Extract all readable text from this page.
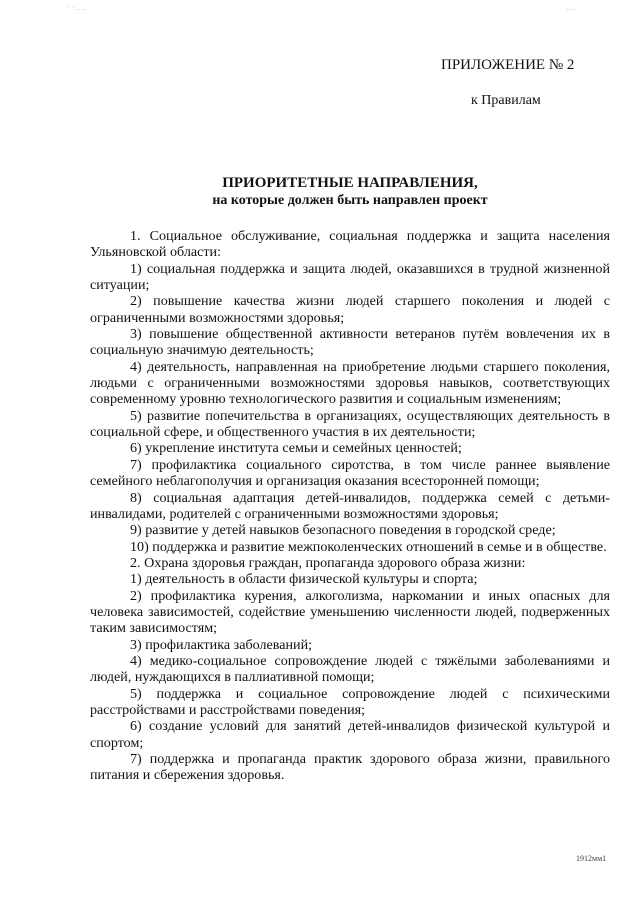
· ·‥‥	‥‥
ПРИЛОЖЕНИЕ № 2
к Правилам
ПРИОРИТЕТНЫЕ НАПРАВЛЕНИЯ,
на которые должен быть направлен проект

1. Социальное обслуживание, социальная поддержка и защита населения Ульяновской области:

1) социальная поддержка и защита людей, оказавшихся в трудной жизненной ситуации;

2) повышение качества жизни людей старшего поколения и людей с ограниченными возможностями здоровья;

3) повышение общественной активности ветеранов путём вовлечения их в социальную значимую деятельность;

4) деятельность, направленная на приобретение людьми старшего поколения, людьми с ограниченными возможностями здоровья навыков, соответствующих современному уровню технологического развития и социальным изменениям;

5) развитие попечительства в организациях, осуществляющих деятельность в социальной сфере, и общественного участия в их деятельности;

6) укрепление института семьи и семейных ценностей;

7) профилактика социального сиротства, в том числе раннее выявление семейного неблагополучия и организация оказания всесторонней помощи;

8) социальная адаптация детей-инвалидов, поддержка семей с детьми-инвалидами, родителей с ограниченными возможностями здоровья;

9) развитие у детей навыков безопасного поведения в городской среде;

10) поддержка и развитие межпоколенческих отношений в семье и в обществе.

2. Охрана здоровья граждан, пропаганда здорового образа жизни:

1) деятельность в области физической культуры и спорта;

2) профилактика курения, алкоголизма, наркомании и иных опасных для человека зависимостей, содействие уменьшению численности людей, подверженных таким зависимостям;

3) профилактика заболеваний;

4) медико-социальное сопровождение людей с тяжёлыми заболеваниями и людей, нуждающихся в паллиативной помощи;

5) поддержка и социальное сопровождение людей с психическими расстройствами и расстройствами поведения;

6) создание условий для занятий детей-инвалидов физической культурой и спортом;

7) поддержка и пропаганда практик здорового образа жизни, правильного питания и сбережения здоровья.

1912мм1
